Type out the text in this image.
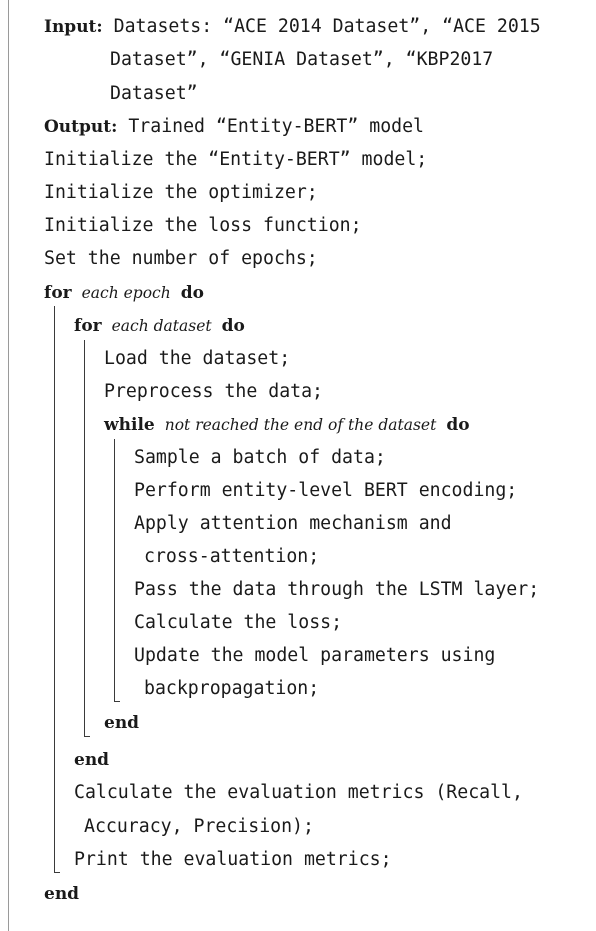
Input: Datasets: “ACE 2014 Dataset”, “ACE 2015
Dataset”, “GENIA Dataset”, “KBP2017
Dataset”
Output: Trained “Entity-BERT” model
Initialize the “Entity-BERT” model;
Initialize the optimizer;
Initialize the loss function;
Set the number of epochs;
for each epoch do
for each dataset do
Load the dataset;
Preprocess the data;
while not reached the end of the dataset do
Sample a batch of data;
Perform entity-level BERT encoding;
Apply attention mechanism and
cross-attention;
Pass the data through the LSTM layer;
Calculate the loss;
Update the model parameters using
backpropagation;
end
end
Calculate the evaluation metrics (Recall,
Accuracy, Precision);
Print the evaluation metrics;
end
